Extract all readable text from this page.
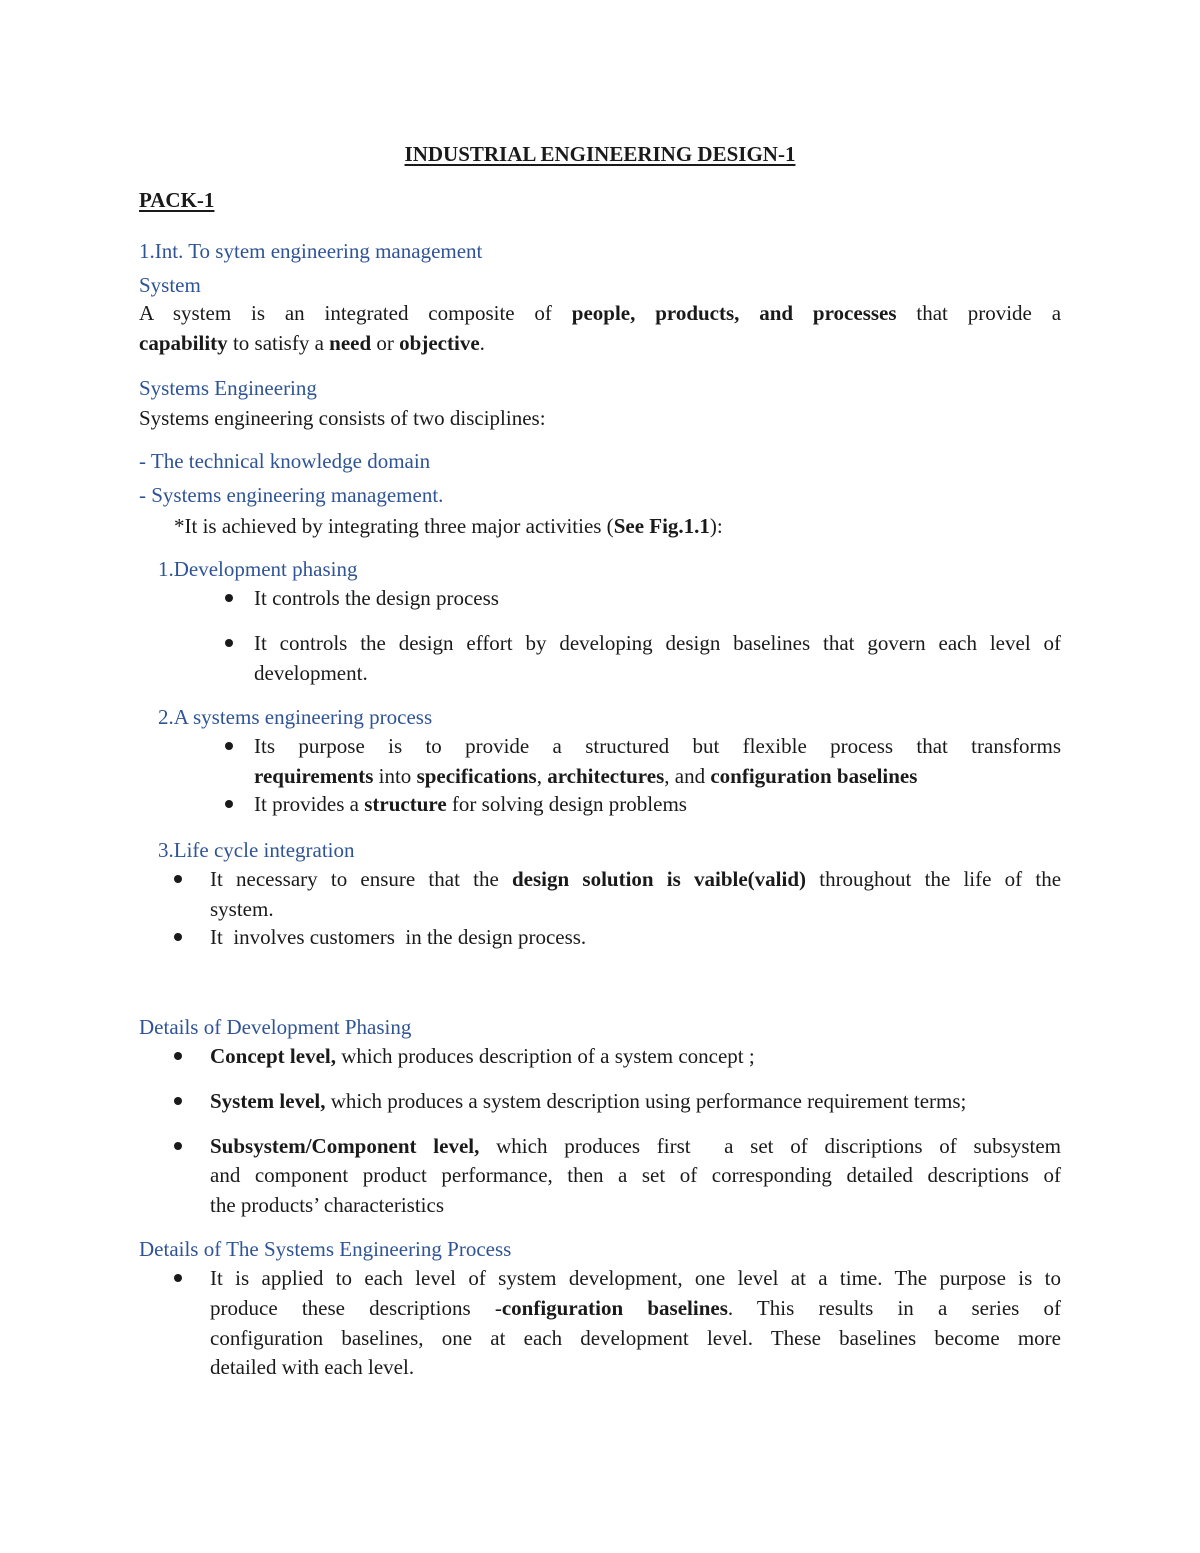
INDUSTRIAL ENGINEERING DESIGN-1
PACK-1
1.Int. To sytem engineering management
System
A system is an integrated composite of people, products, and processes that provide a
capability to satisfy a need or objective.
Systems Engineering
Systems engineering consists of two disciplines:
- The technical knowledge domain
- Systems engineering management.
*It is achieved by integrating three major activities (See Fig.1.1):
1.Development phasing
It controls the design process
It controls the design effort by developing design baselines that govern each level of
development.
2.A systems engineering process
Its purpose is to provide a structured but flexible process that transforms
requirements into specifications, architectures, and configuration baselines
It provides a structure for solving design problems
3.Life cycle integration
It necessary to ensure that the design solution is vaible(valid) throughout the life of the
system.
It  involves customers  in the design process.
Details of Development Phasing
Concept level, which produces description of a system concept ;
System level, which produces a system description using performance requirement terms;
Subsystem/Component level, which produces first  a set of discriptions of subsystem
and component product performance, then a set of corresponding detailed descriptions of
the products’ characteristics
Details of The Systems Engineering Process
It is applied to each level of system development, one level at a time. The purpose is to
produce these descriptions -configuration baselines. This results in a series of
configuration baselines, one at each development level. These baselines become more
detailed with each level.
